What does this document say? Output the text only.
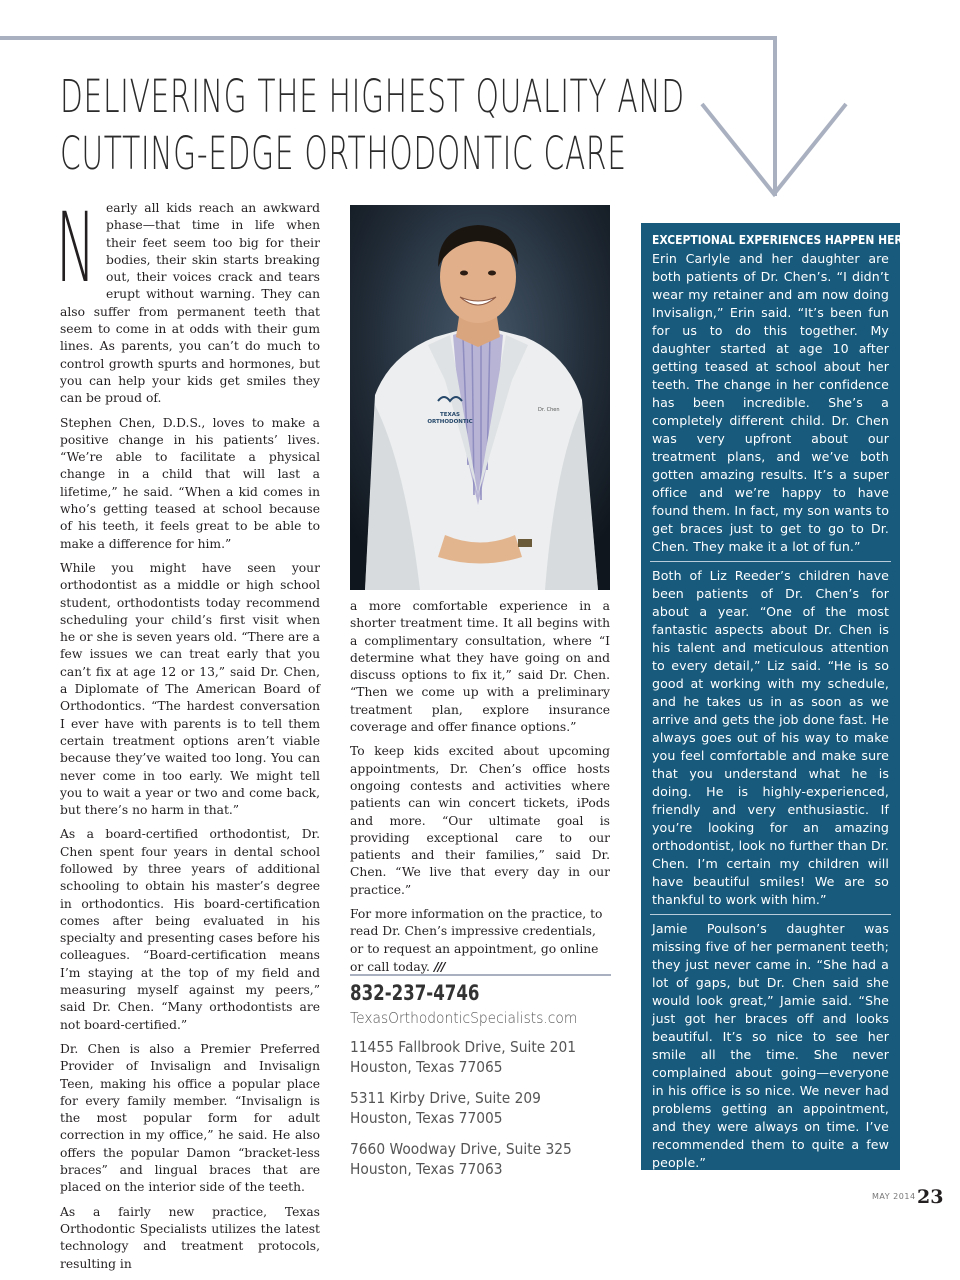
DELIVERING THE HIGHEST QUALITY AND
CUTTING-EDGE ORTHODONTIC CARE

Nearly all kids reach an awkward phase—that time in life when their feet seem too big for their bodies, their skin starts breaking out, their voices crack and tears erupt without warning. They can also suffer from permanent teeth that seem to come in at odds with their gum lines. As parents, you can’t do much to control growth spurts and hormones, but you can help your kids get smiles they can be proud of.

Stephen Chen, D.D.S., loves to make a positive change in his patients’ lives. “We’re able to facilitate a physical change in a child that will last a lifetime,” he said. “When a kid comes in who’s getting teased at school because of his teeth, it feels great to be able to make a difference for him.”

While you might have seen your orthodontist as a middle or high school student, orthodontists today recommend scheduling your child’s first visit when he or she is seven years old. “There are a few issues we can treat early that you can’t fix at age 12 or 13,” said Dr. Chen, a Diplomate of The American Board of Orthodontics. “The hardest conversation I ever have with parents is to tell them certain treatment options aren’t viable because they’ve waited too long. You can never come in too early. We might tell you to wait a year or two and come back, but there’s no harm in that.”

As a board-certified orthodontist, Dr. Chen spent four years in dental school followed by three years of additional schooling to obtain his master’s degree in orthodontics. His board-certification comes after being evaluated in his specialty and presenting cases before his colleagues. “Board-certification means I’m staying at the top of my field and measuring myself against my peers,” said Dr. Chen. “Many orthodontists are not board-certified.”

Dr. Chen is also a Premier Preferred Provider of Invisalign and Invisalign Teen, making his office a popular place for every family member. “Invisalign is the most popular form for adult correction in my office,” he said. He also offers the popular Damon “bracket-less braces” and lingual braces that are placed on the interior side of the teeth.

As a fairly new practice, Texas Orthodontic Specialists utilizes the latest technology and treatment protocols, resulting in

TEXAS
ORTHODONTIC
Dr. Chen

a more comfortable experience in a shorter treatment time. It all begins with a complimentary consultation, where “I determine what they have going on and discuss options to fix it,” said Dr. Chen. “Then we come up with a preliminary treatment plan, explore insurance coverage and offer finance options.”

To keep kids excited about upcoming appointments, Dr. Chen’s office hosts ongoing contests and activities where patients can win concert tickets, iPods and more. “Our ultimate goal is providing exceptional care to our patients and their families,” said Dr. Chen. “We live that every day in our practice.”

For more information on the practice, to read Dr. Chen’s impressive credentials, or to request an appointment, go online or call today. ///

832-237-4746
TexasOrthodonticSpecialists.com
11455 Fallbrook Drive, Suite 201
Houston, Texas 77065
5311 Kirby Drive, Suite 209
Houston, Texas 77005
7660 Woodway Drive, Suite 325
Houston, Texas 77063
EXCEPTIONAL EXPERIENCES HAPPEN HERE
Erin Carlyle and her daughter are both patients of Dr. Chen’s. “I didn’t wear my retainer and am now doing Invisalign,” Erin said. “It’s been fun for us to do this together. My daughter started at age 10 after getting teased at school about her teeth. The change in her confidence has been incredible. She’s a completely different child. Dr. Chen was very upfront about our treatment plans, and we’ve both gotten amazing results. It’s a super office and we’re happy to have found them. In fact, my son wants to get braces just to get to go to Dr. Chen. They make it a lot of fun.”
Both of Liz Reeder’s children have been patients of Dr. Chen’s for about a year. “One of the most fantastic aspects about Dr. Chen is his talent and meticulous attention to every detail,” Liz said. “He is so good at working with my schedule, and he takes us in as soon as we arrive and gets the job done fast. He always goes out of his way to make you feel comfortable and make sure that you understand what he is doing. He is highly-experienced, friendly and very enthusiastic. If you’re looking for an amazing orthodontist, look no further than Dr. Chen. I’m certain my children will have beautiful smiles! We are so thankful to work with him.”
Jamie Poulson’s daughter was missing five of her permanent teeth; they just never came in. “She had a lot of gaps, but Dr. Chen said she would look great,” Jamie said. “She just got her braces off and looks beautiful. It’s so nice to see her smile all the time. She never complained about going—everyone in his office is so nice. We never had problems getting an appointment, and they were always on time. I’ve recommended them to quite a few people.”
MAY 2014 23
